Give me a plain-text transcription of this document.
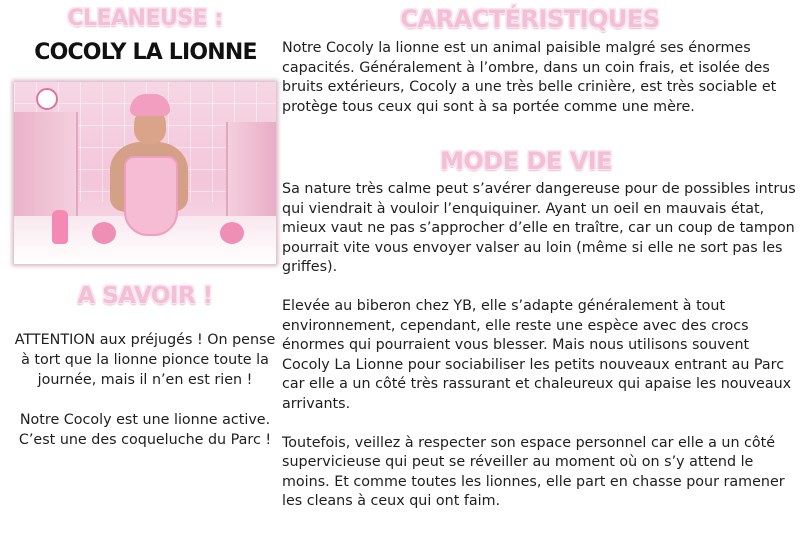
CLEANEUSE :
COCOLY LA LIONNE
A SAVOIR !

ATTENTION aux préjugés ! On pense à tort que la lionne pionce toute la journée, mais il n’en est rien !

Notre Cocoly est une lionne active. C’est une des coqueluche du Parc !

CARACTÉRISTIQUES
Notre Cocoly la lionne est un animal paisible malgré ses énormes capacités. Généralement à l’ombre, dans un coin frais, et isolée des bruits extérieurs, Cocoly a une très belle crinière, est très sociable et protège tous ceux qui sont à sa portée comme une mère.
MODE DE VIE

Sa nature très calme peut s’avérer dangereuse pour de possibles intrus qui viendrait à vouloir l’enquiquiner. Ayant un oeil en mauvais état, mieux vaut ne pas s’approcher d’elle en traître, car un coup de tampon pourrait vite vous envoyer valser au loin (même si elle ne sort pas les griffes).

Elevée au biberon chez YB, elle s’adapte généralement à tout environnement, cependant, elle reste une espèce avec des crocs énormes qui pourraient vous blesser. Mais nous utilisons souvent Cocoly La Lionne pour sociabiliser les petits nouveaux entrant au Parc car elle a un côté très rassurant et chaleureux qui apaise les nouveaux arrivants.

Toutefois, veillez à respecter son espace personnel car elle a un côté supervicieuse qui peut se réveiller au moment où on s’y attend le moins. Et comme toutes les lionnes, elle part en chasse pour ramener les cleans à ceux qui ont faim.
